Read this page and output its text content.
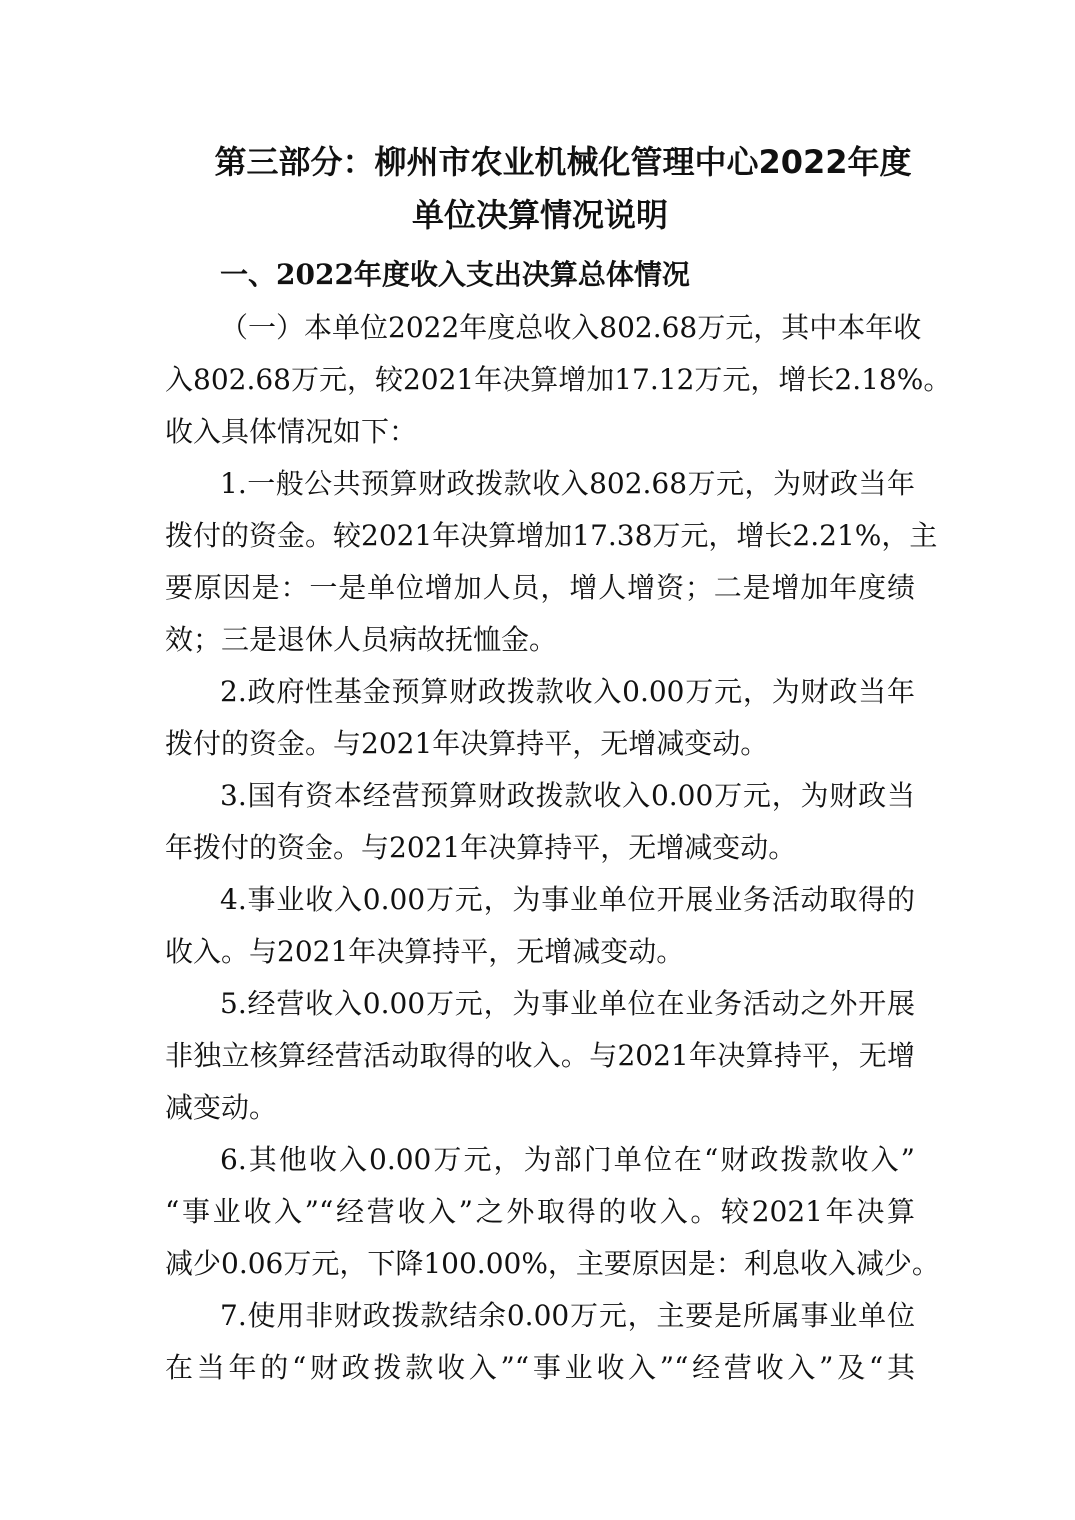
第三部分：柳州市农业机械化管理中心2022年度
单位决算情况说明
一、2022年度收入支出决算总体情况
（一）本单位2022年度总收入802.68万元，其中本年收
入802.68万元，较2021年决算增加17.12万元，增长2.18%。
收入具体情况如下：
1.一般公共预算财政拨款收入802.68万元，为财政当年
拨付的资金。较2021年决算增加17.38万元，增长2.21%，主
要原因是：一是单位增加人员，增人增资；二是增加年度绩
效；三是退休人员病故抚恤金。
2.政府性基金预算财政拨款收入0.00万元，为财政当年
拨付的资金。与2021年决算持平，无增减变动。
3.国有资本经营预算财政拨款收入0.00万元，为财政当
年拨付的资金。与2021年决算持平，无增减变动。
4.事业收入0.00万元，为事业单位开展业务活动取得的
收入。与2021年决算持平，无增减变动。
5.经营收入0.00万元，为事业单位在业务活动之外开展
非独立核算经营活动取得的收入。与2021年决算持平，无增
减变动。
6.其他收入0.00万元，为部门单位在“财政拨款收入”
“事业收入”“经营收入”之外取得的收入。较2021年决算
减少0.06万元，下降100.00%，主要原因是：利息收入减少。
7.使用非财政拨款结余0.00万元，主要是所属事业单位
在当年的“财政拨款收入”“事业收入”“经营收入”及“其
